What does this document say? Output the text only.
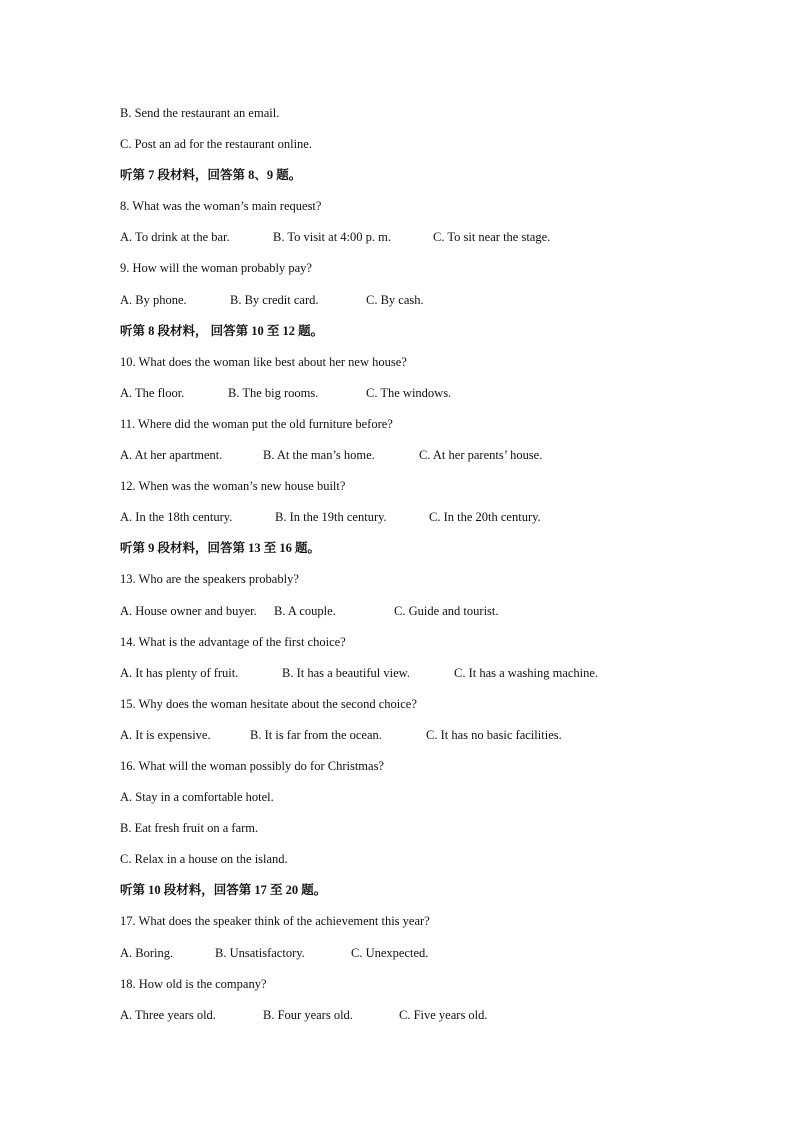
B. Send the restaurant an email.
C. Post an ad for the restaurant online.
听第 7 段材料，回答第 8、9 题。
8. What was the woman’s main request?
A. To drink at the bar.	B. To visit at 4:00 p. m.	C. To sit near the stage.
9. How will the woman probably pay?
A. By phone.	B. By credit card.	C. By cash.
听第 8 段材料， 回答第 10 至 12 题。
10. What does the woman like best about her new house?
A. The floor.	B. The big rooms.	C. The windows.
11. Where did the woman put the old furniture before?
A. At her apartment.	B. At the man’s home.	C. At her parents’ house.
12. When was the woman’s new house built?
A. In the 18th century.	B. In the 19th century.	C. In the 20th century.
听第 9 段材料，回答第 13 至 16 题。
13. Who are the speakers probably?
A. House owner and buyer. B. A couple.	C. Guide and tourist.
14. What is the advantage of the first choice?
A. It has plenty of fruit.	B. It has a beautiful view.	C. It has a washing machine.
15. Why does the woman hesitate about the second choice?
A. It is expensive.	B. It is far from the ocean.	C. It has no basic facilities.
16. What will the woman possibly do for Christmas?
A. Stay in a comfortable hotel.
B. Eat fresh fruit on a farm.
C. Relax in a house on the island.
听第 10 段材料，回答第 17 至 20 题。
17. What does the speaker think of the achievement this year?
A. Boring.	B. Unsatisfactory.	C. Unexpected.
18. How old is the company?
A. Three years old.	B. Four years old.	C. Five years old.
